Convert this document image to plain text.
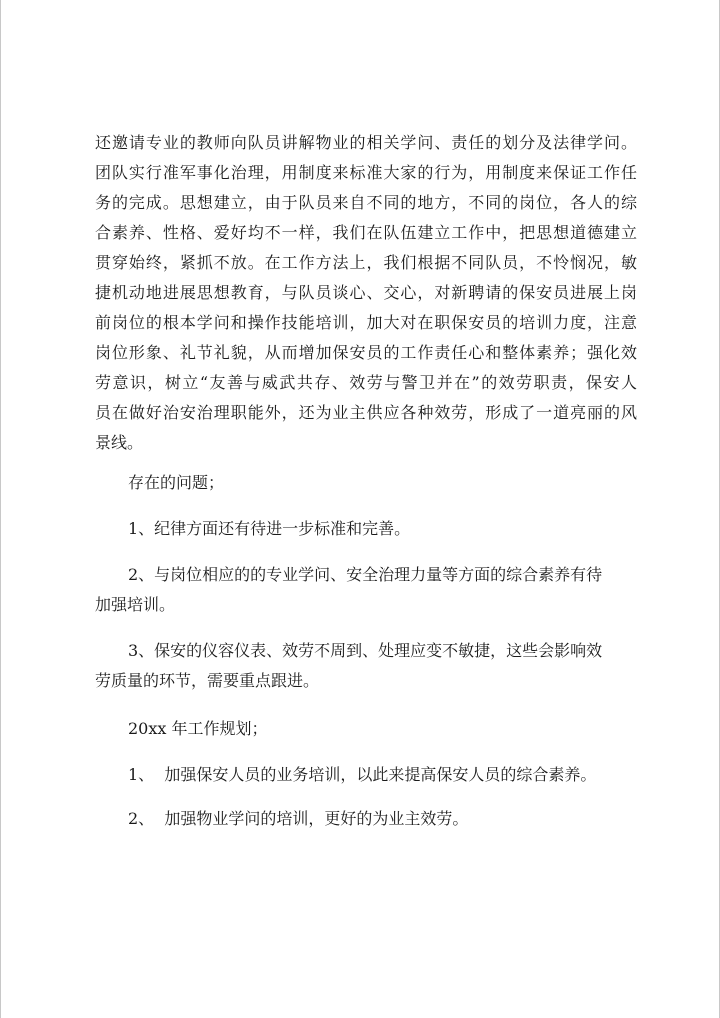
还邀请专业的教师向队员讲解物业的相关学问、责任的划分及法律学问。
团队实行准军事化治理，用制度来标准大家的行为，用制度来保证工作任
务的完成。思想建立，由于队员来自不同的地方，不同的岗位，各人的综
合素养、性格、爱好均不一样，我们在队伍建立工作中，把思想道德建立
贯穿始终，紧抓不放。在工作方法上，我们根据不同队员，不怜悯况，敏
捷机动地进展思想教育，与队员谈心、交心，对新聘请的保安员进展上岗
前岗位的根本学问和操作技能培训，加大对在职保安员的培训力度，注意
岗位形象、礼节礼貌，从而增加保安员的工作责任心和整体素养；强化效
劳意识，树立“友善与威武共存、效劳与警卫并在”的效劳职责，保安人
员在做好治安治理职能外，还为业主供应各种效劳，形成了一道亮丽的风
景线。
存在的问题；
1、纪律方面还有待进一步标准和完善。
2、与岗位相应的的专业学问、安全治理力量等方面的综合素养有待
加强培训。
3、保安的仪容仪表、效劳不周到、处理应变不敏捷，这些会影响效
劳质量的环节，需要重点跟进。
20xx 年工作规划；
1、  加强保安人员的业务培训，以此来提高保安人员的综合素养。
2、  加强物业学问的培训，更好的为业主效劳。
